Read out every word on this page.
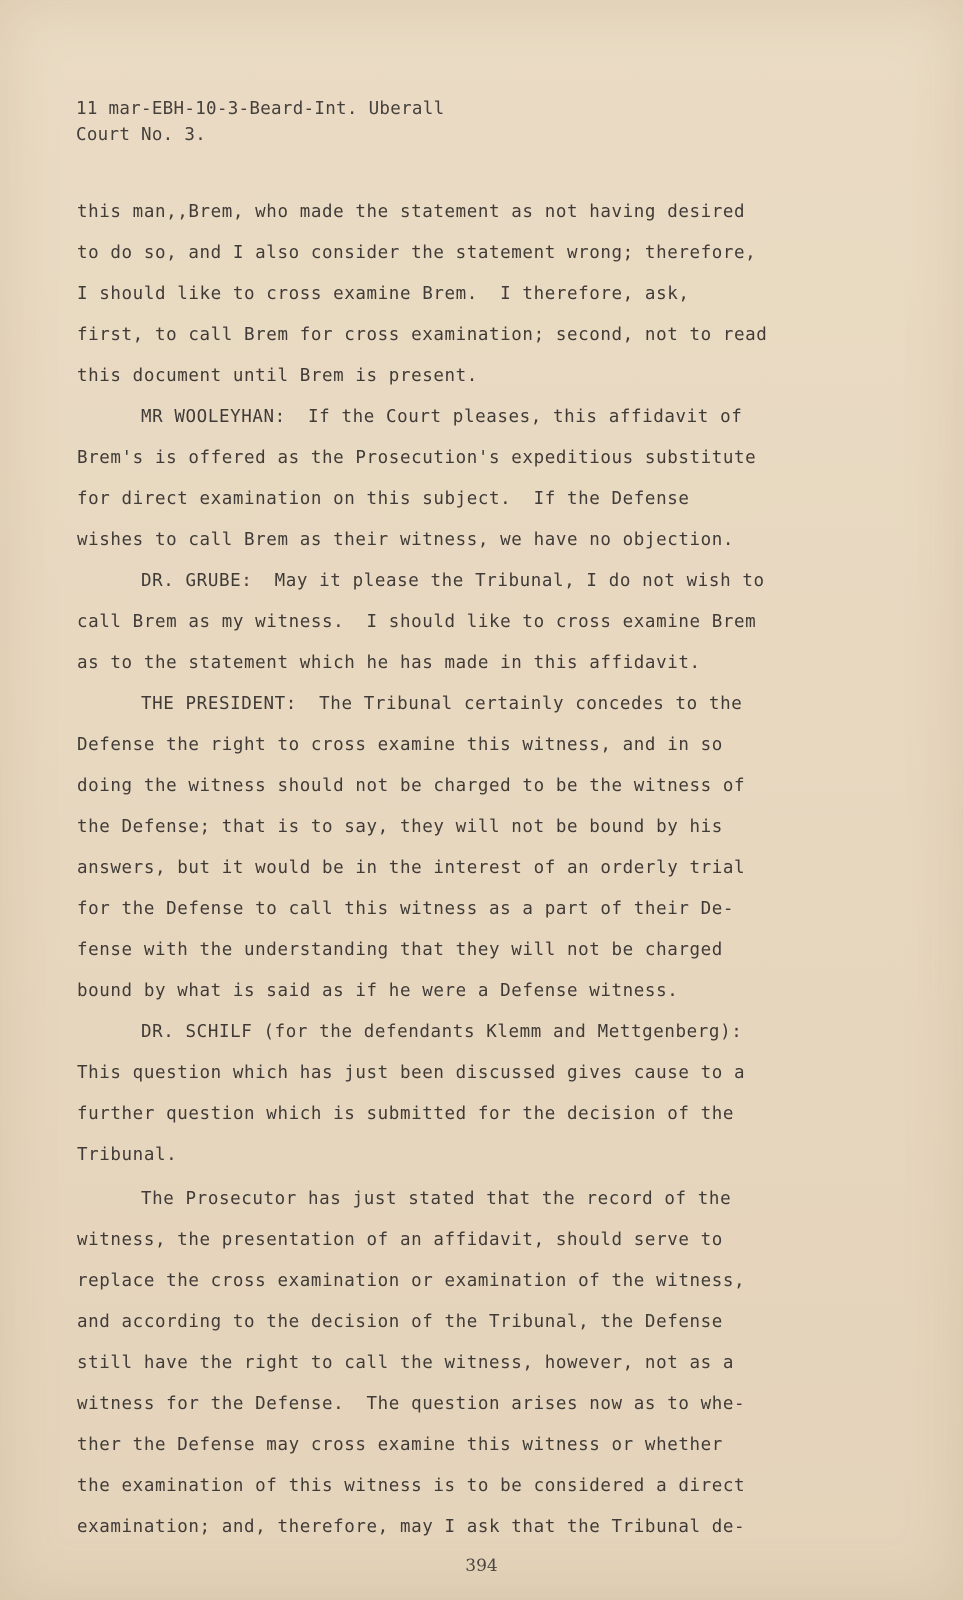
11 mar-EBH-10-3-Beard-Int. Uberall
Court No. 3.
this man,,Brem, who made the statement as not having desired
to do so, and I also consider the statement wrong; therefore,
I should like to cross examine Brem.  I therefore, ask,
first, to call Brem for cross examination; second, not to read
this document until Brem is present.
MR WOOLEYHAN:  If the Court pleases, this affidavit of
Brem's is offered as the Prosecution's expeditious substitute
for direct examination on this subject.  If the Defense
wishes to call Brem as their witness, we have no objection.
DR. GRUBE:  May it please the Tribunal, I do not wish to
call Brem as my witness.  I should like to cross examine Brem
as to the statement which he has made in this affidavit.
THE PRESIDENT:  The Tribunal certainly concedes to the
Defense the right to cross examine this witness, and in so
doing the witness should not be charged to be the witness of
the Defense; that is to say, they will not be bound by his
answers, but it would be in the interest of an orderly trial
for the Defense to call this witness as a part of their De-
fense with the understanding that they will not be charged
bound by what is said as if he were a Defense witness.
DR. SCHILF (for the defendants Klemm and Mettgenberg):
This question which has just been discussed gives cause to a
further question which is submitted for the decision of the
Tribunal.
The Prosecutor has just stated that the record of the
witness, the presentation of an affidavit, should serve to
replace the cross examination or examination of the witness,
and according to the decision of the Tribunal, the Defense
still have the right to call the witness, however, not as a
witness for the Defense.  The question arises now as to whe-
ther the Defense may cross examine this witness or whether
the examination of this witness is to be considered a direct
examination; and, therefore, may I ask that the Tribunal de-
394
